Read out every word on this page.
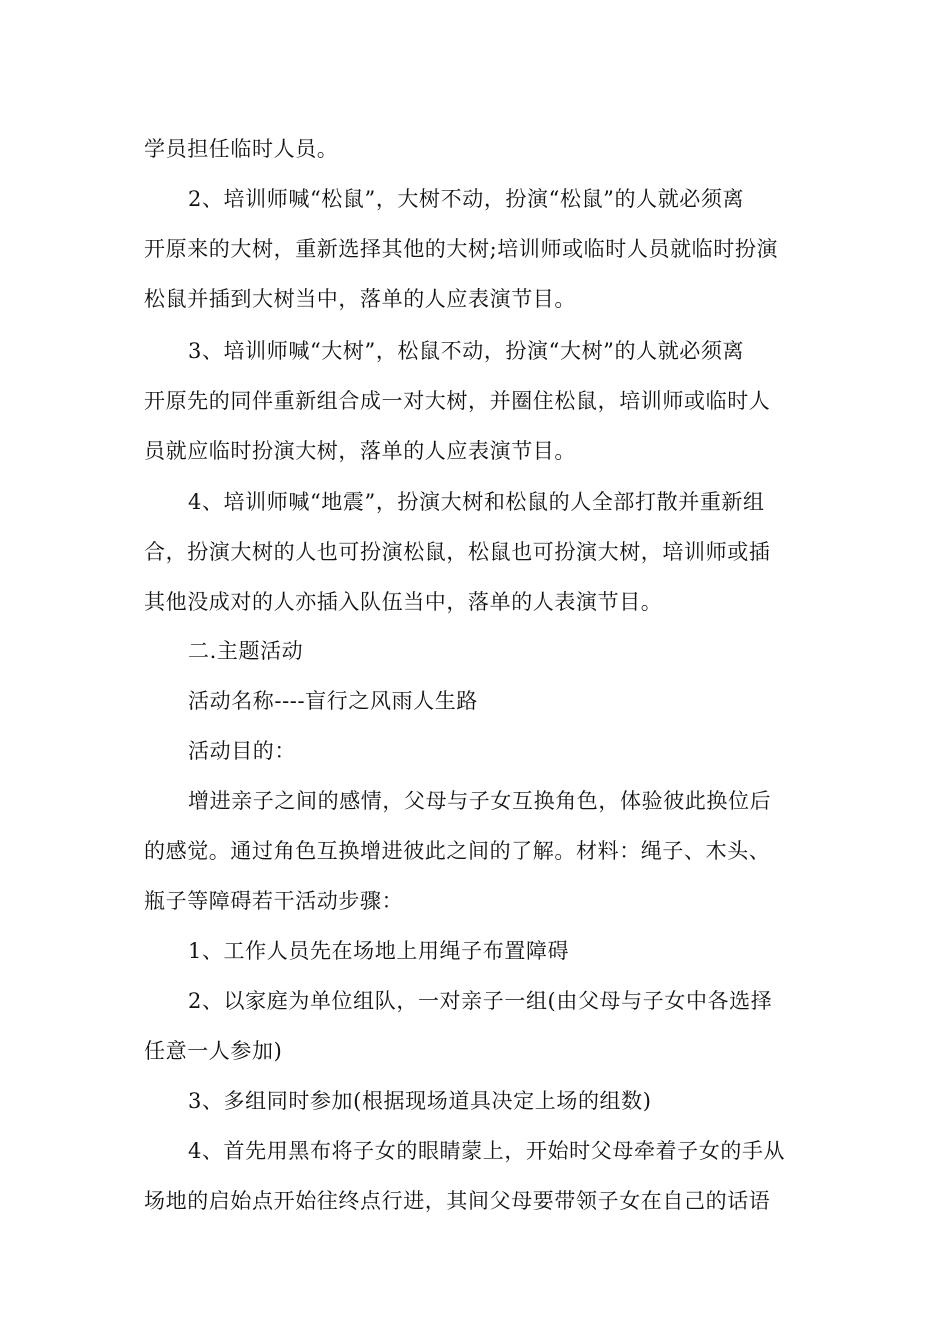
学员担任临时人员。
2、培训师喊“松鼠”，大树不动，扮演“松鼠”的人就必须离
开原来的大树，重新选择其他的大树;培训师或临时人员就临时扮演
松鼠并插到大树当中，落单的人应表演节目。
3、培训师喊“大树”，松鼠不动，扮演“大树”的人就必须离
开原先的同伴重新组合成一对大树，并圈住松鼠，培训师或临时人
员就应临时扮演大树，落单的人应表演节目。
4、培训师喊“地震”，扮演大树和松鼠的人全部打散并重新组
合，扮演大树的人也可扮演松鼠，松鼠也可扮演大树，培训师或插
其他没成对的人亦插入队伍当中，落单的人表演节目。
二.主题活动
活动名称----盲行之风雨人生路
活动目的：
增进亲子之间的感情，父母与子女互换角色，体验彼此换位后
的感觉。通过角色互换增进彼此之间的了解。材料：绳子、木头、
瓶子等障碍若干活动步骤：
1、工作人员先在场地上用绳子布置障碍
2、以家庭为单位组队，一对亲子一组(由父母与子女中各选择
任意一人参加)
3、多组同时参加(根据现场道具决定上场的组数)
4、首先用黑布将子女的眼睛蒙上，开始时父母牵着子女的手从
场地的启始点开始往终点行进，其间父母要带领子女在自己的话语
